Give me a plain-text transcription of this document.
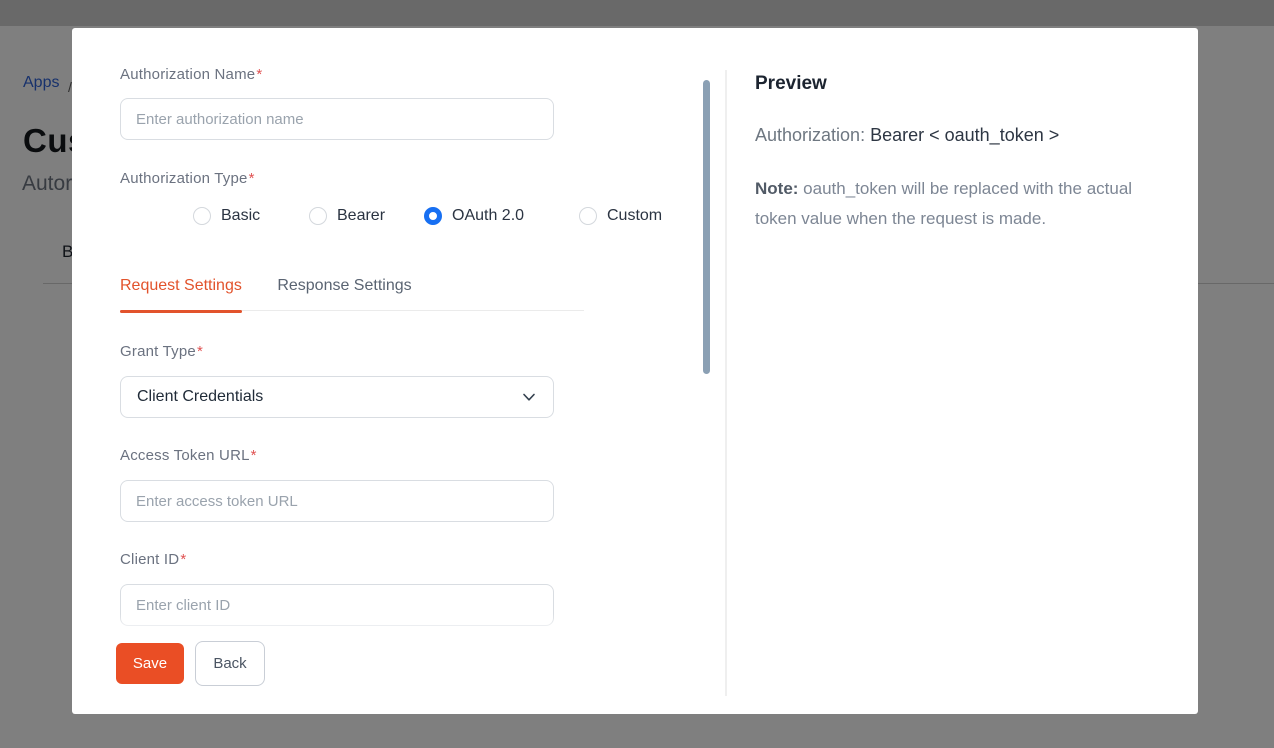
Authorization Name*
Enter authorization name
Authorization Type*
Basic	Bearer	OAuth 2.0	Custom
Request Settings Response Settings
Grant Type*
Client Credentials
Access Token URL*
Enter access token URL
Client ID*
Enter client ID
Save	Back
Preview
Authorization: Bearer < oauth_token >
Note: oauth_token will be replaced with the actual token value when the request is made.
